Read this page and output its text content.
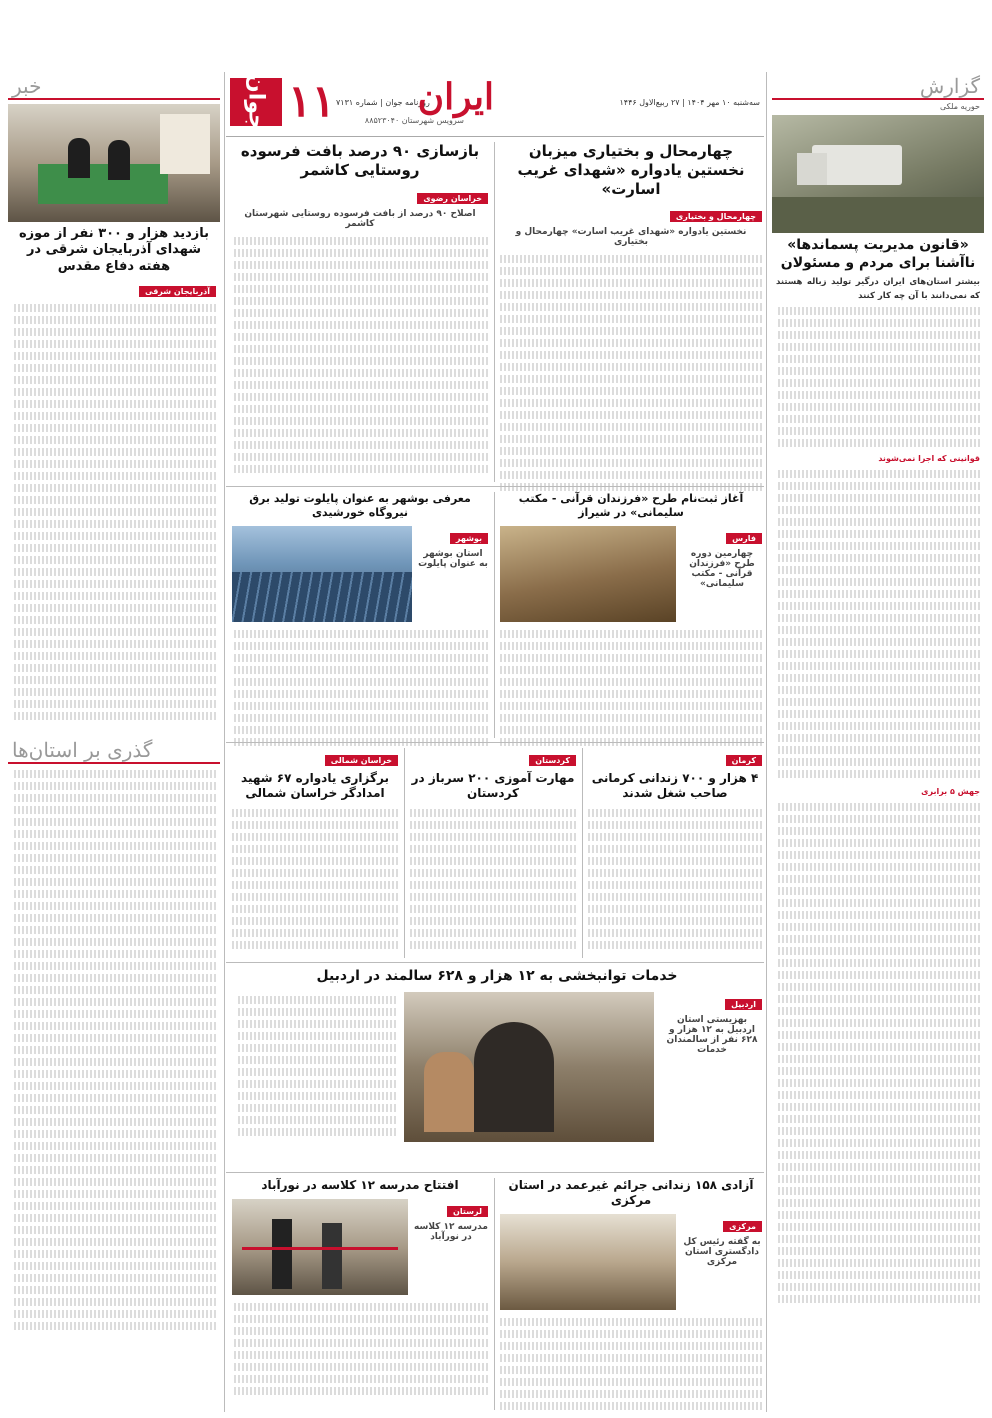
جوان ۱۱ روزنامه جوان | شماره ۷۱۳۱
ایران	سه‌شنبه ۱۰ مهر ۱۴۰۴ | ۲۷ ربیع‌الاول ۱۴۴۶
سرویس شهرستان ۸۸۵۲۳۰۴۰
گزارش
حوریه ملکی
«قانون مدیریت پسماندها» ناآشنا برای مردم و مسئولان
بیشتر استان‌های ایران درگیر تولید زباله هستند که نمی‌دانند با آن چه کار کنند
قوانینی که اجرا نمی‌شوند
جهش ۵ برابری
خبر
بازدید هزار و ۳۰۰ نفر از موزه شهدای آذربایجان شرقی در هفته دفاع مقدس
آذربایجان شرقی
گذری بر استان‌ها
چهارمحال و بختیاری میزبان نخستین یادواره «شهدای غریب اسارت»
چهارمحال و بختیاری
نخستین یادواره «شهدای غریب اسارت» چهارمحال و بختیاری
بازسازی ۹۰ درصد بافت فرسوده روستایی کاشمر
خراسان رضوی
اصلاح ۹۰ درصد از بافت فرسوده روستایی شهرستان کاشمر
آغاز ثبت‌نام طرح «فرزندان قرآنی - مکتب سلیمانی» در شیراز
فارس
چهارمین دوره طرح «فرزندان قرآنی - مکتب سلیمانی»
معرفی بوشهر به عنوان پایلوت تولید برق نیروگاه خورشیدی
بوشهر
استان بوشهر به عنوان پایلوت
کرمان
۴ هزار و ۷۰۰ زندانی کرمانی صاحب شغل شدند
کردستان
مهارت آموزی ۲۰۰ سرباز در کردستان
خراسان شمالی
برگزاری یادواره ۶۷ شهید امدادگر خراسان شمالی
خدمات توانبخشی به ۱۲ هزار و ۶۲۸ سالمند در اردبیل
اردبیل
بهزیستی استان اردبیل به ۱۲ هزار و ۶۲۸ نفر از سالمندان خدمات
آزادی ۱۵۸ زندانی جرائم غیرعمد در استان مرکزی
مرکزی
به گفته رئیس کل دادگستری استان مرکزی
افتتاح مدرسه ۱۲ کلاسه در نورآباد
لرستان
مدرسه ۱۲ کلاسه در نورآباد
